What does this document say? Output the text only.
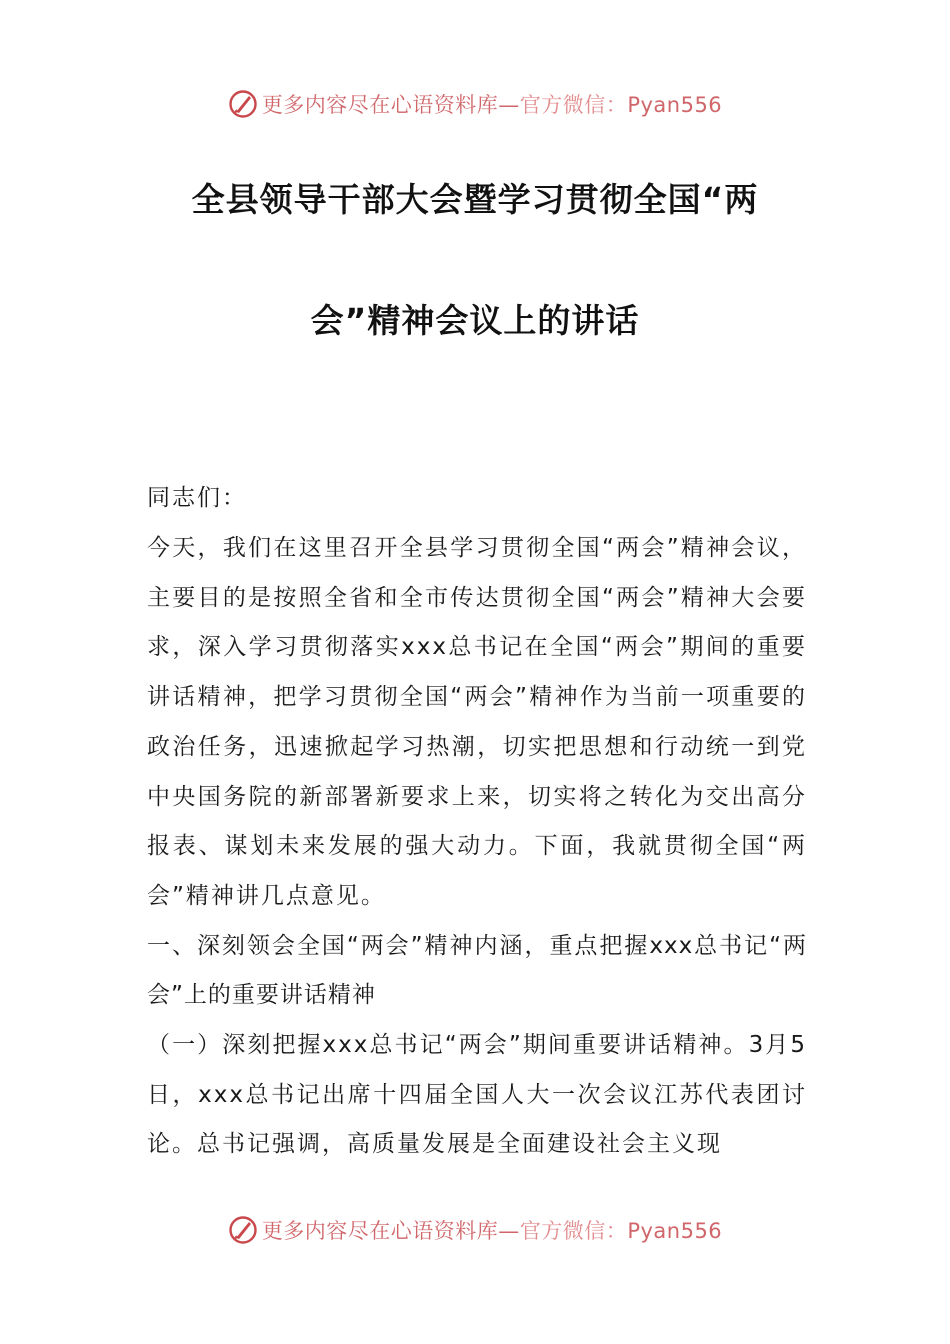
更多内容尽在心语资料库—官方微信：Pyan556
全县领导干部大会暨学习贯彻全国“两
会”精神会议上的讲话
同志们：

今天，我们在这里召开全县学习贯彻全国“两会”精神会议，主要目的是按照全省和全市传达贯彻全国“两会”精神大会要求，深入学习贯彻落实xxx总书记在全国“两会”期间的重要讲话精神，把学习贯彻全国“两会”精神作为当前一项重要的政治任务，迅速掀起学习热潮，切实把思想和行动统一到党中央国务院的新部署新要求上来，切实将之转化为交出高分报表、谋划未来发展的强大动力。下面，我就贯彻全国“两会”精神讲几点意见。

一、深刻领会全国“两会”精神内涵，重点把握xxx总书记“两会”上的重要讲话精神

（一）深刻把握xxx总书记“两会”期间重要讲话精神。3月5日，xxx总书记出席十四届全国人大一次会议江苏代表团讨论。总书记强调，高质量发展是全面建设社会主义现

更多内容尽在心语资料库—官方微信：Pyan556
